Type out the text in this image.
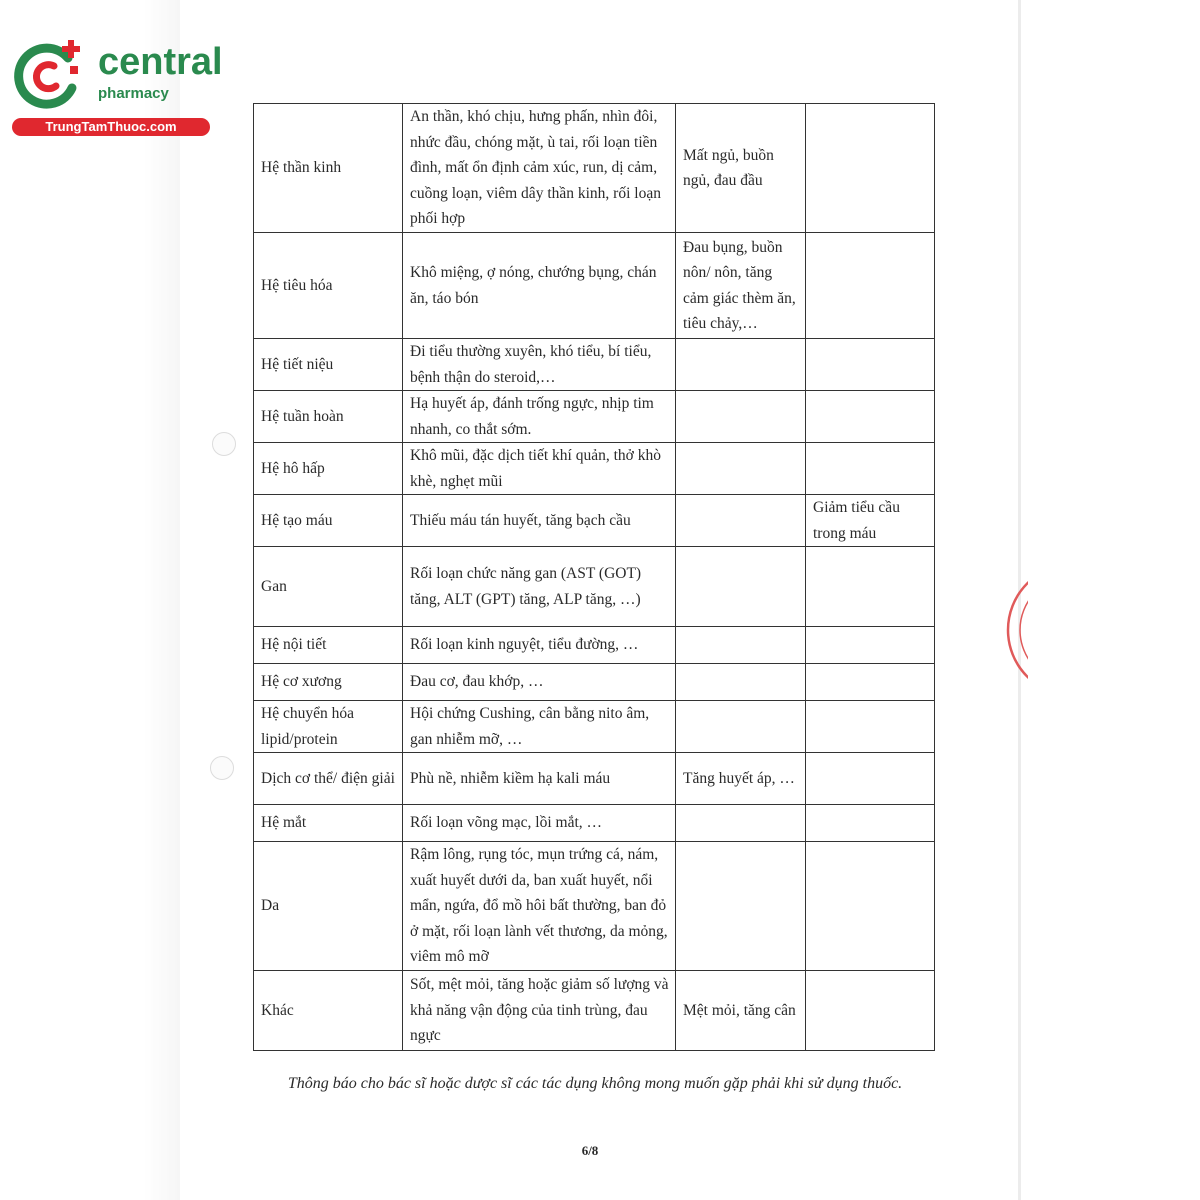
central
pharmacy
TrungTamThuoc.com
Hệ thần kinh	An thần, khó chịu, hưng phấn, nhìn đôi, nhức đầu, chóng mặt, ù tai, rối loạn tiền đình, mất ổn định cảm xúc, run, dị cảm, cuồng loạn, viêm dây thần kinh, rối loạn phối hợp	Mất ngủ, buồn ngủ, đau đầu	
Hệ tiêu hóa	Khô miệng, ợ nóng, chướng bụng, chán ăn, táo bón	Đau bụng, buồn nôn/ nôn, tăng cảm giác thèm ăn, tiêu chảy,…	
Hệ tiết niệu	Đi tiểu thường xuyên, khó tiểu, bí tiểu, bệnh thận do steroid,…		
Hệ tuần hoàn	Hạ huyết áp, đánh trống ngực, nhịp tim nhanh, co thắt sớm.		
Hệ hô hấp	Khô mũi, đặc dịch tiết khí quản, thở khò khè, nghẹt mũi		
Hệ tạo máu	Thiếu máu tán huyết, tăng bạch cầu		Giảm tiểu cầu trong máu
Gan	Rối loạn chức năng gan (AST (GOT) tăng, ALT (GPT) tăng, ALP tăng, …)		
Hệ nội tiết	Rối loạn kinh nguyệt, tiểu đường, …		
Hệ cơ xương	Đau cơ, đau khớp, …		
Hệ chuyển hóa lipid/protein	Hội chứng Cushing, cân bằng nito âm, gan nhiễm mỡ, …		
Dịch cơ thể/ điện giải	Phù nề, nhiễm kiềm hạ kali máu	Tăng huyết áp, …	
Hệ mắt	Rối loạn võng mạc, lồi mắt, …		
Da	Rậm lông, rụng tóc, mụn trứng cá, nám, xuất huyết dưới da, ban xuất huyết, nổi mẩn, ngứa, đổ mồ hôi bất thường, ban đỏ ở mặt, rối loạn lành vết thương, da mỏng, viêm mô mỡ		
Khác	Sốt, mệt mỏi, tăng hoặc giảm số lượng và khả năng vận động của tinh trùng, đau ngực	Mệt mỏi, tăng cân	
Thông báo cho bác sĩ hoặc dược sĩ các tác dụng không mong muốn gặp phải khi sử dụng thuốc.
6/8
